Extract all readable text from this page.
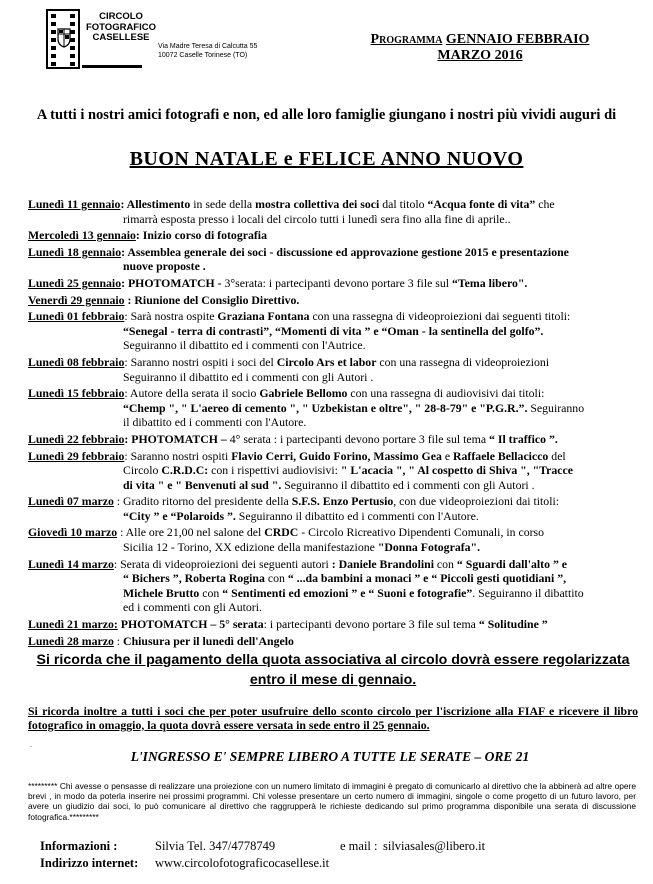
CIRCOLO
FOTOGRAFICO
CASELLESE
Via Madre Teresa di Calcutta 55
10072 Caselle Torinese (TO)
Programma GENNAIO FEBBRAIO
MARZO 2016
A tutti i nostri amici fotografi e non, ed alle loro famiglie giungano i nostri più vividi auguri di
BUON NATALE e FELICE ANNO NUOVO
Lunedì 11 gennaio: Allestimento in sede della mostra collettiva dei soci dal titolo “Acqua fonte di vita” che
rimarrà esposta presso i locali del circolo tutti i lunedì sera fino alla fine di aprile..
Mercoledì 13 gennaio: Inizio corso di fotografia
Lunedì 18 gennaio: Assemblea generale dei soci - discussione ed approvazione gestione 2015 e presentazione
nuove proposte .
Lunedì 25 gennaio: PHOTOMATCH - 3°serata: i partecipanti devono portare 3 file sul “Tema libero".
Venerdì 29 gennaio : Riunione del Consiglio Direttivo.
Lunedì 01 febbraio: Sarà nostra ospite Graziana Fontana con una rassegna di videoproiezioni dai seguenti titoli:
“Senegal - terra di contrasti”, “Momenti di vita ” e “Oman - la sentinella del golfo”.
Seguiranno il dibattito ed i commenti con l'Autrice.
Lunedì 08 febbraio: Saranno nostri ospiti i soci del Circolo Ars et labor con una rassegna di videoproiezioni
Seguiranno il dibattito ed i commenti con gli Autori .
Lunedì 15 febbraio: Autore della serata il socio Gabriele Bellomo con una rassegna di audiovisivi dai titoli:
“Chemp ", " L'aereo di cemento ", " Uzbekistan e oltre", " 28-8-79" e "P.G.R.”. Seguiranno
il dibattito ed i commenti con l'Autore.
Lunedì 22 febbraio: PHOTOMATCH – 4° serata : i partecipanti devono portare 3 file sul tema “ Il traffico ”.
Lunedì 29 febbraio: Saranno nostri ospiti Flavio Cerri, Guido Forino, Massimo Gea e Raffaele Bellacicco del
Circolo C.R.D.C: con i rispettivi audiovisivi: " L'acacia ", " Al cospetto di Shiva ", "Tracce
di vita " e " Benvenuti al sud ". Seguiranno il dibattito ed i commenti con gli Autori .
Lunedì 07 marzo : Gradito ritorno del presidente della S.F.S. Enzo Pertusio, con due videoproiezioni dai titoli:
“City ” e “Polaroids ”. Seguiranno il dibattito ed i commenti con l'Autore.
Giovedì 10 marzo : Alle ore 21,00 nel salone del CRDC - Circolo Ricreativo Dipendenti Comunali, in corso
Sicilia 12 - Torino, XX edizione della manifestazione "Donna Fotografa".
Lunedì 14 marzo: Serata di videoproiezioni dei seguenti autori : Daniele Brandolini con “ Sguardi dall'alto ” e
“ Bichers ”, Roberta Rogina con “ ...da bambini a monaci ” e “ Piccoli gesti quotidiani ”,
Michele Brutto con “ Sentimenti ed emozioni ” e “ Suoni e fotografie”. Seguiranno il dibattito
ed i commenti con gli Autori.
Lunedì 21 marzo: PHOTOMATCH – 5° serata: i partecipanti devono portare 3 file sul tema “ Solitudine ”
Lunedì 28 marzo : Chiusura per il lunedì dell'Angelo
Si ricorda che il pagamento della quota associativa al circolo dovrà essere regolarizzata entro il mese di gennaio.
Si ricorda inoltre a tutti i soci che per poter usufruire dello sconto circolo per l'iscrizione alla FIAF e ricevere il libro fotografico in omaggio, la quota dovrà essere versata in sede entro il 25 gennaio.
◦
L'INGRESSO E' SEMPRE LIBERO A TUTTE LE SERATE – ORE 21
********* Chi avesse o pensasse di realizzare una proiezione con un numero limitato di immagini è pregato di comunicarlo al direttivo che la abbinerà ad altre opere brevi , in modo da poterla inserire nei prossimi programmi. Chi volesse presentare un certo numero di immagini, singole o come progetto di un futuro lavoro, per avere un giudizio dai soci, lo può comunicare al direttivo che raggrupperà le richieste dedicando sul primo programma disponibile una serata di discussione fotografica.*********
Informazioni :	Silvia Tel. 347/4778749	e mail : silviasales@libero.it
Indirizzo internet: www.circolofotograficocasellese.it
